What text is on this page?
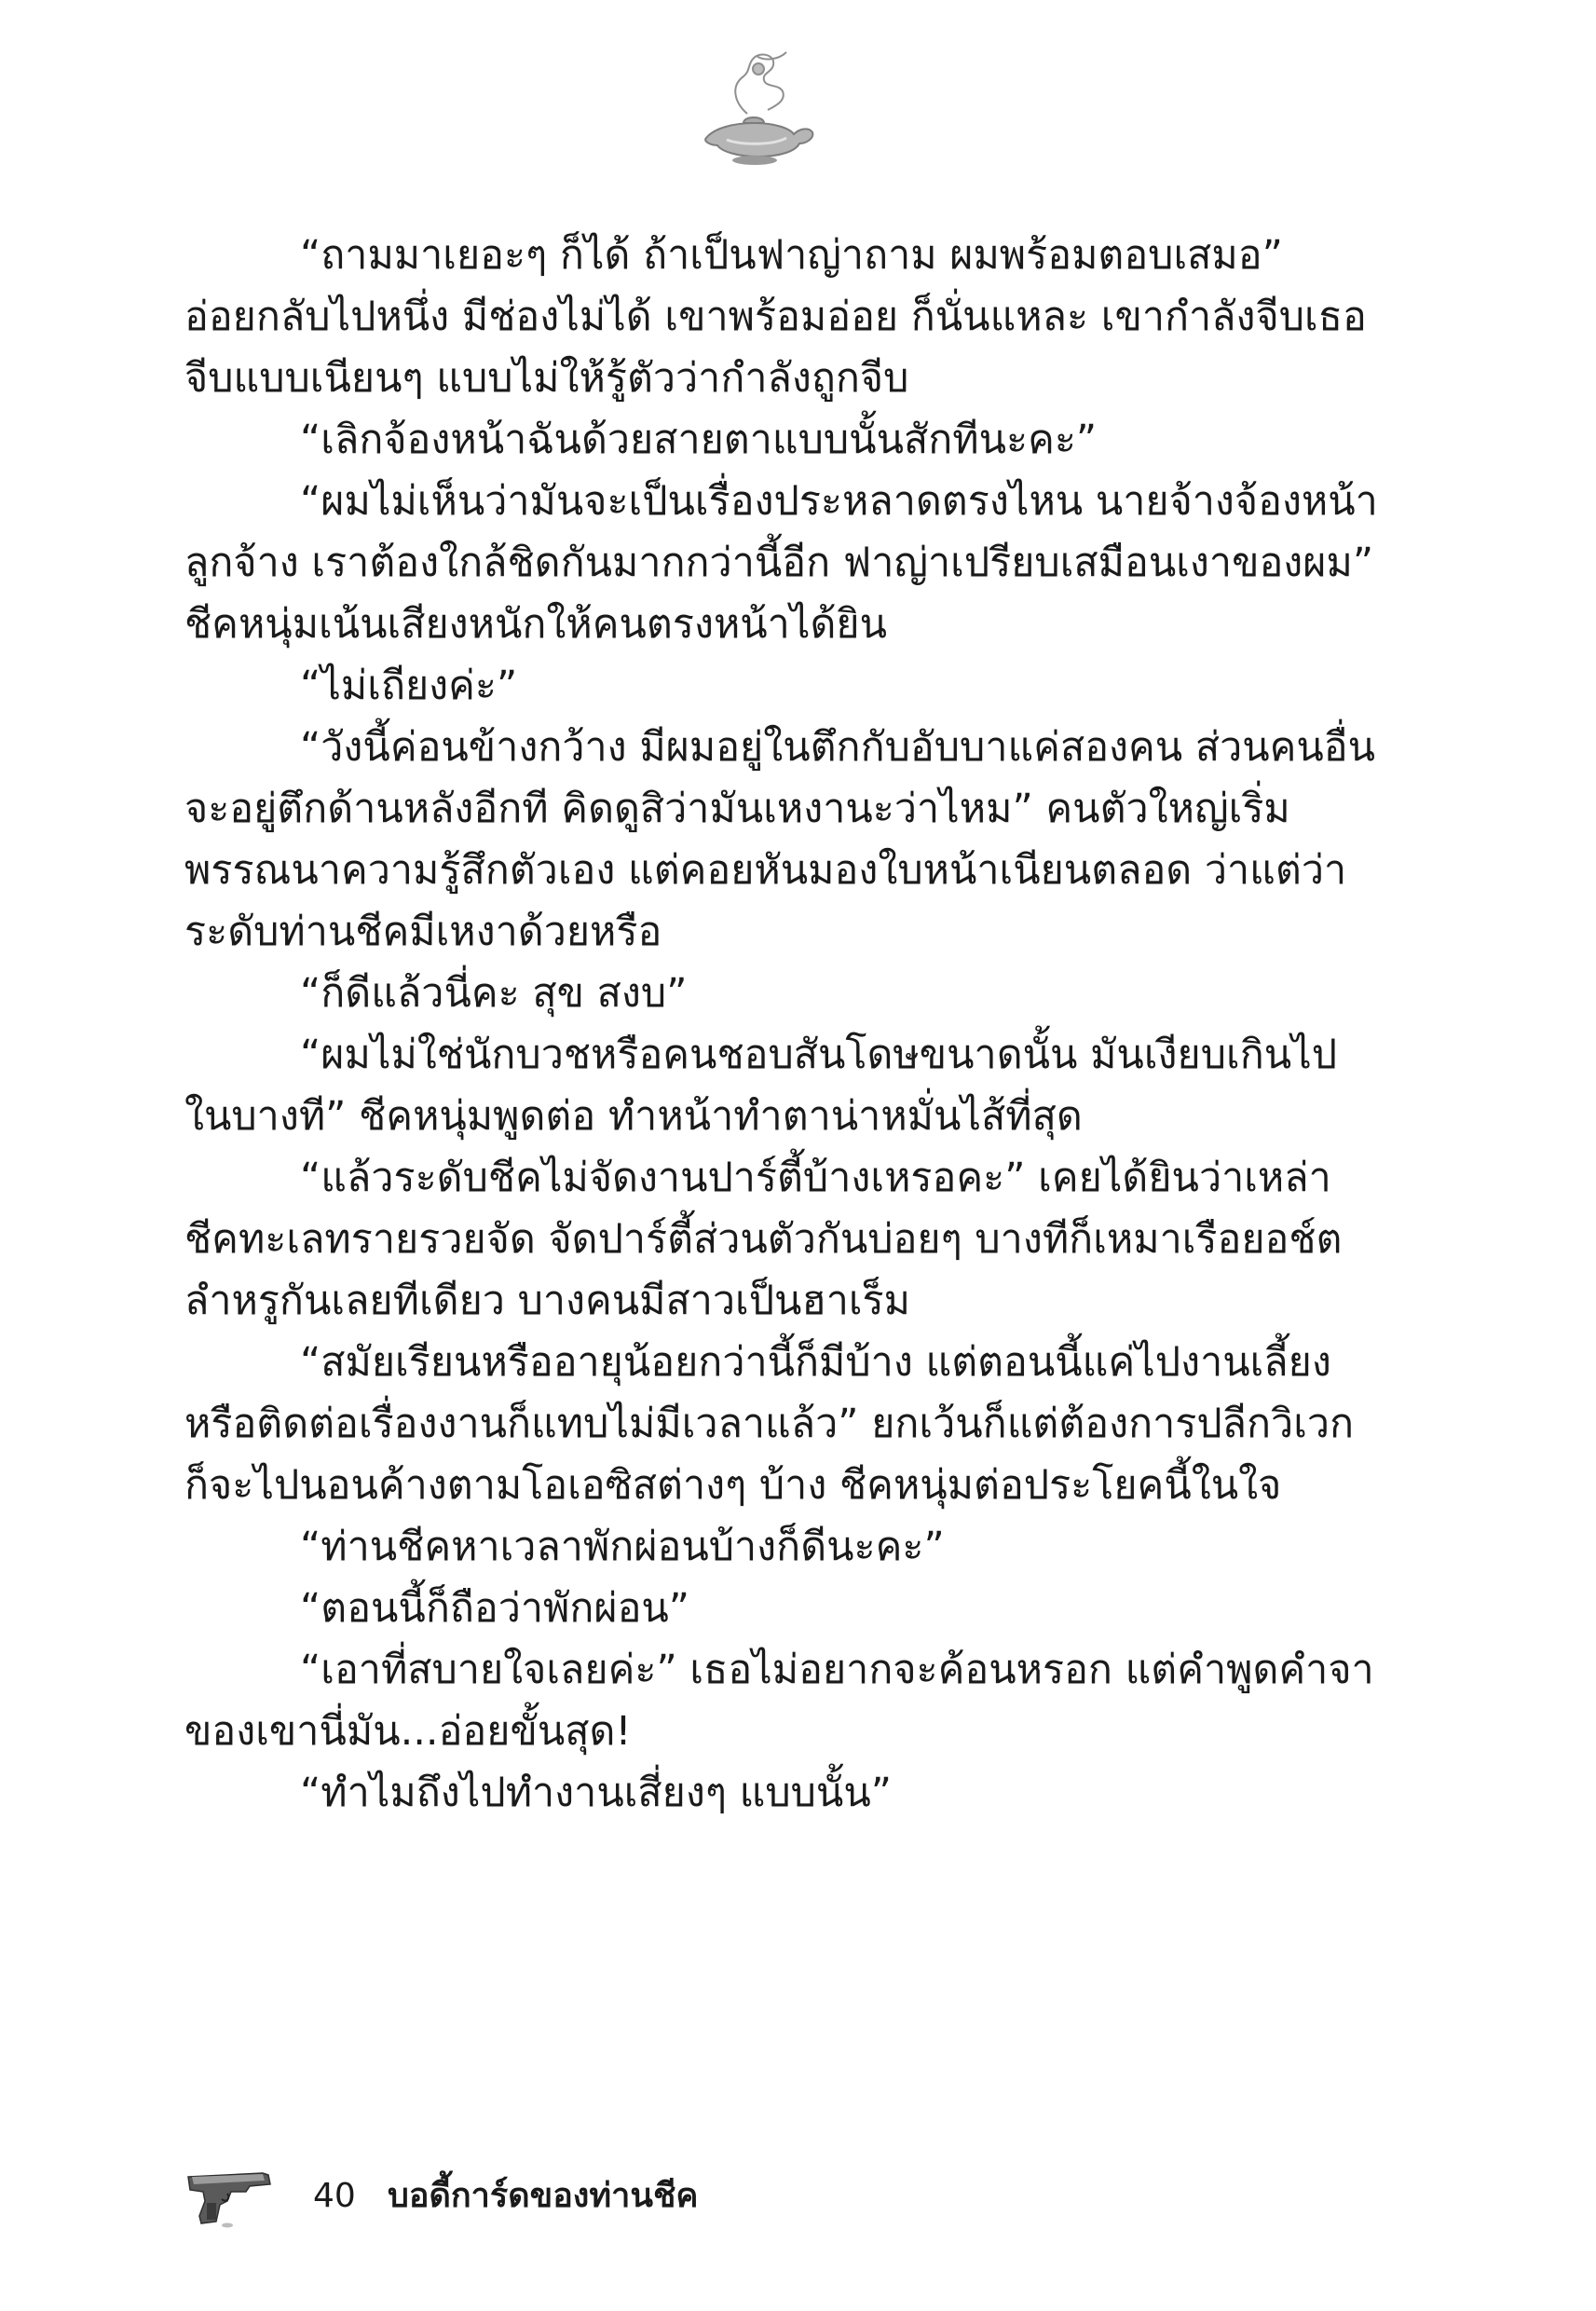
“ถามมาเยอะๆ ก็ได้ ถ้าเป็นฟาญ่าถาม ผมพร้อมตอบเสมอ”
อ่อยกลับไปหนึ่ง มีช่องไม่ได้ เขาพร้อมอ่อย ก็นั่นแหละ เขากำลังจีบเธอ
จีบแบบเนียนๆ แบบไม่ให้รู้ตัวว่ากำลังถูกจีบ
“เลิกจ้องหน้าฉันด้วยสายตาแบบนั้นสักทีนะคะ”
“ผมไม่เห็นว่ามันจะเป็นเรื่องประหลาดตรงไหน นายจ้างจ้องหน้า
ลูกจ้าง เราต้องใกล้ชิดกันมากกว่านี้อีก ฟาญ่าเปรียบเสมือนเงาของผม”
ชีคหนุ่มเน้นเสียงหนักให้คนตรงหน้าได้ยิน
“ไม่เถียงค่ะ”
“วังนี้ค่อนข้างกว้าง มีผมอยู่ในตึกกับอับบาแค่สองคน ส่วนคนอื่น
จะอยู่ตึกด้านหลังอีกที คิดดูสิว่ามันเหงานะว่าไหม” คนตัวใหญ่เริ่ม
พรรณนาความรู้สึกตัวเอง แต่คอยหันมองใบหน้าเนียนตลอด ว่าแต่ว่า
ระดับท่านชีคมีเหงาด้วยหรือ
“ก็ดีแล้วนี่คะ สุข สงบ”
“ผมไม่ใช่นักบวชหรือคนชอบสันโดษขนาดนั้น มันเงียบเกินไป
ในบางที” ชีคหนุ่มพูดต่อ ทำหน้าทำตาน่าหมั่นไส้ที่สุด
“แล้วระดับชีคไม่จัดงานปาร์ตี้บ้างเหรอคะ” เคยได้ยินว่าเหล่า
ชีคทะเลทรายรวยจัด จัดปาร์ตี้ส่วนตัวกันบ่อยๆ บางทีก็เหมาเรือยอช์ต
ลำหรูกันเลยทีเดียว บางคนมีสาวเป็นฮาเร็ม
“สมัยเรียนหรืออายุน้อยกว่านี้ก็มีบ้าง แต่ตอนนี้แค่ไปงานเลี้ยง
หรือติดต่อเรื่องงานก็แทบไม่มีเวลาแล้ว” ยกเว้นก็แต่ต้องการปลีกวิเวก
ก็จะไปนอนค้างตามโอเอซิสต่างๆ บ้าง ชีคหนุ่มต่อประโยคนี้ในใจ
“ท่านชีคหาเวลาพักผ่อนบ้างก็ดีนะคะ”
“ตอนนี้ก็ถือว่าพักผ่อน”
“เอาที่สบายใจเลยค่ะ” เธอไม่อยากจะค้อนหรอก แต่คำพูดคำจา
ของเขานี่มัน...อ่อยขั้นสุด!
“ทำไมถึงไปทำงานเสี่ยงๆ แบบนั้น”
40 บอดี้การ์ดของท่านชีค
